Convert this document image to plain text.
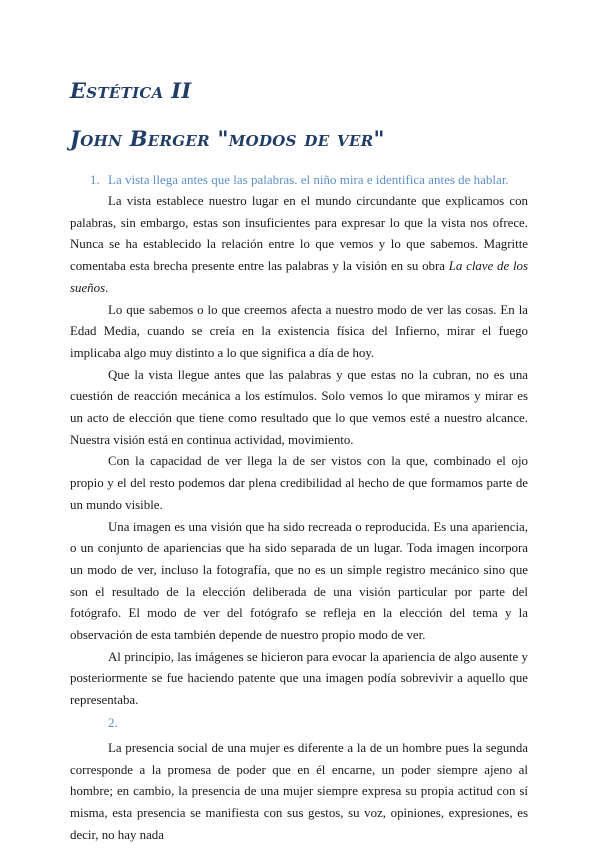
Estética II
John Berger "modos de ver"
1. La vista llega antes que las palabras. el niño mira e identifica antes de hablar.

La vista establece nuestro lugar en el mundo circundante que explicamos con palabras, sin embargo, estas son insuficientes para expresar lo que la vista nos ofrece. Nunca se ha establecido la relación entre lo que vemos y lo que sabemos. Magritte comentaba esta brecha presente entre las palabras y la visión en su obra La clave de los sueños.

Lo que sabemos o lo que creemos afecta a nuestro modo de ver las cosas. En la Edad Media, cuando se creía en la existencia física del Infierno, mirar el fuego implicaba algo muy distinto a lo que significa a día de hoy.

Que la vista llegue antes que las palabras y que estas no la cubran, no es una cuestión de reacción mecánica a los estímulos. Solo vemos lo que miramos y mirar es un acto de elección que tiene como resultado que lo que vemos esté a nuestro alcance. Nuestra visión está en continua actividad, movimiento.

Con la capacidad de ver llega la de ser vistos con la que, combinado el ojo propio y el del resto podemos dar plena credibilidad al hecho de que formamos parte de un mundo visible.

Una imagen es una visión que ha sido recreada o reproducida. Es una apariencia, o un conjunto de apariencias que ha sido separada de un lugar. Toda imagen incorpora un modo de ver, incluso la fotografía, que no es un simple registro mecánico sino que son el resultado de la elección deliberada de una visión particular por parte del fotógrafo. El modo de ver del fotógrafo se refleja en la elección del tema y la observación de esta también depende de nuestro propio modo de ver.

Al principio, las imágenes se hicieron para evocar la apariencia de algo ausente y posteriormente se fue haciendo patente que una imagen podía sobrevivir a aquello que representaba.

2.

La presencia social de una mujer es diferente a la de un hombre pues la segunda corresponde a la promesa de poder que en él encarne, un poder siempre ajeno al hombre; en cambio, la presencia de una mujer siempre expresa su propia actitud con sí misma, esta presencia se manifiesta con sus gestos, su voz, opiniones, expresiones, es decir, no hay nada
